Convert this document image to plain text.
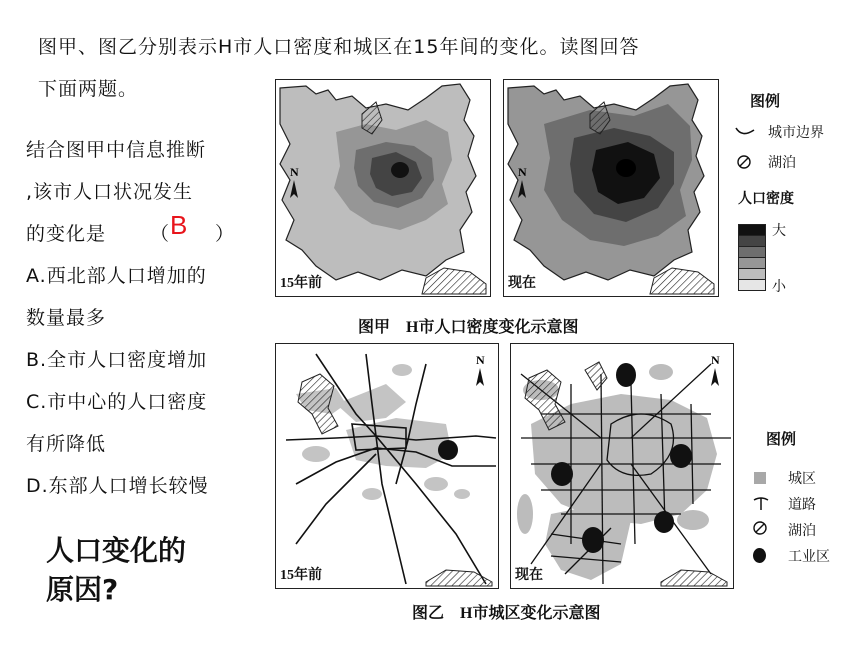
图甲、图乙分别表示H市人口密度和城区在15年间的变化。读图回答
下面两题。
结合图甲中信息推断
,该市人口状况发生
的变化是 （ B ）
A.西北部人口增加的
数量最多
B.全市人口密度增加
C.市中心的人口密度
有所降低
D.东部人口增长较慢
人口变化的
原因?
N
15年前
N
现在
图例
城市边界
湖泊
人口密度
大
小
图甲　H市人口密度变化示意图
N
15年前
N
现在
图例
城区
道路
湖泊
工业区
图乙　H市城区变化示意图
